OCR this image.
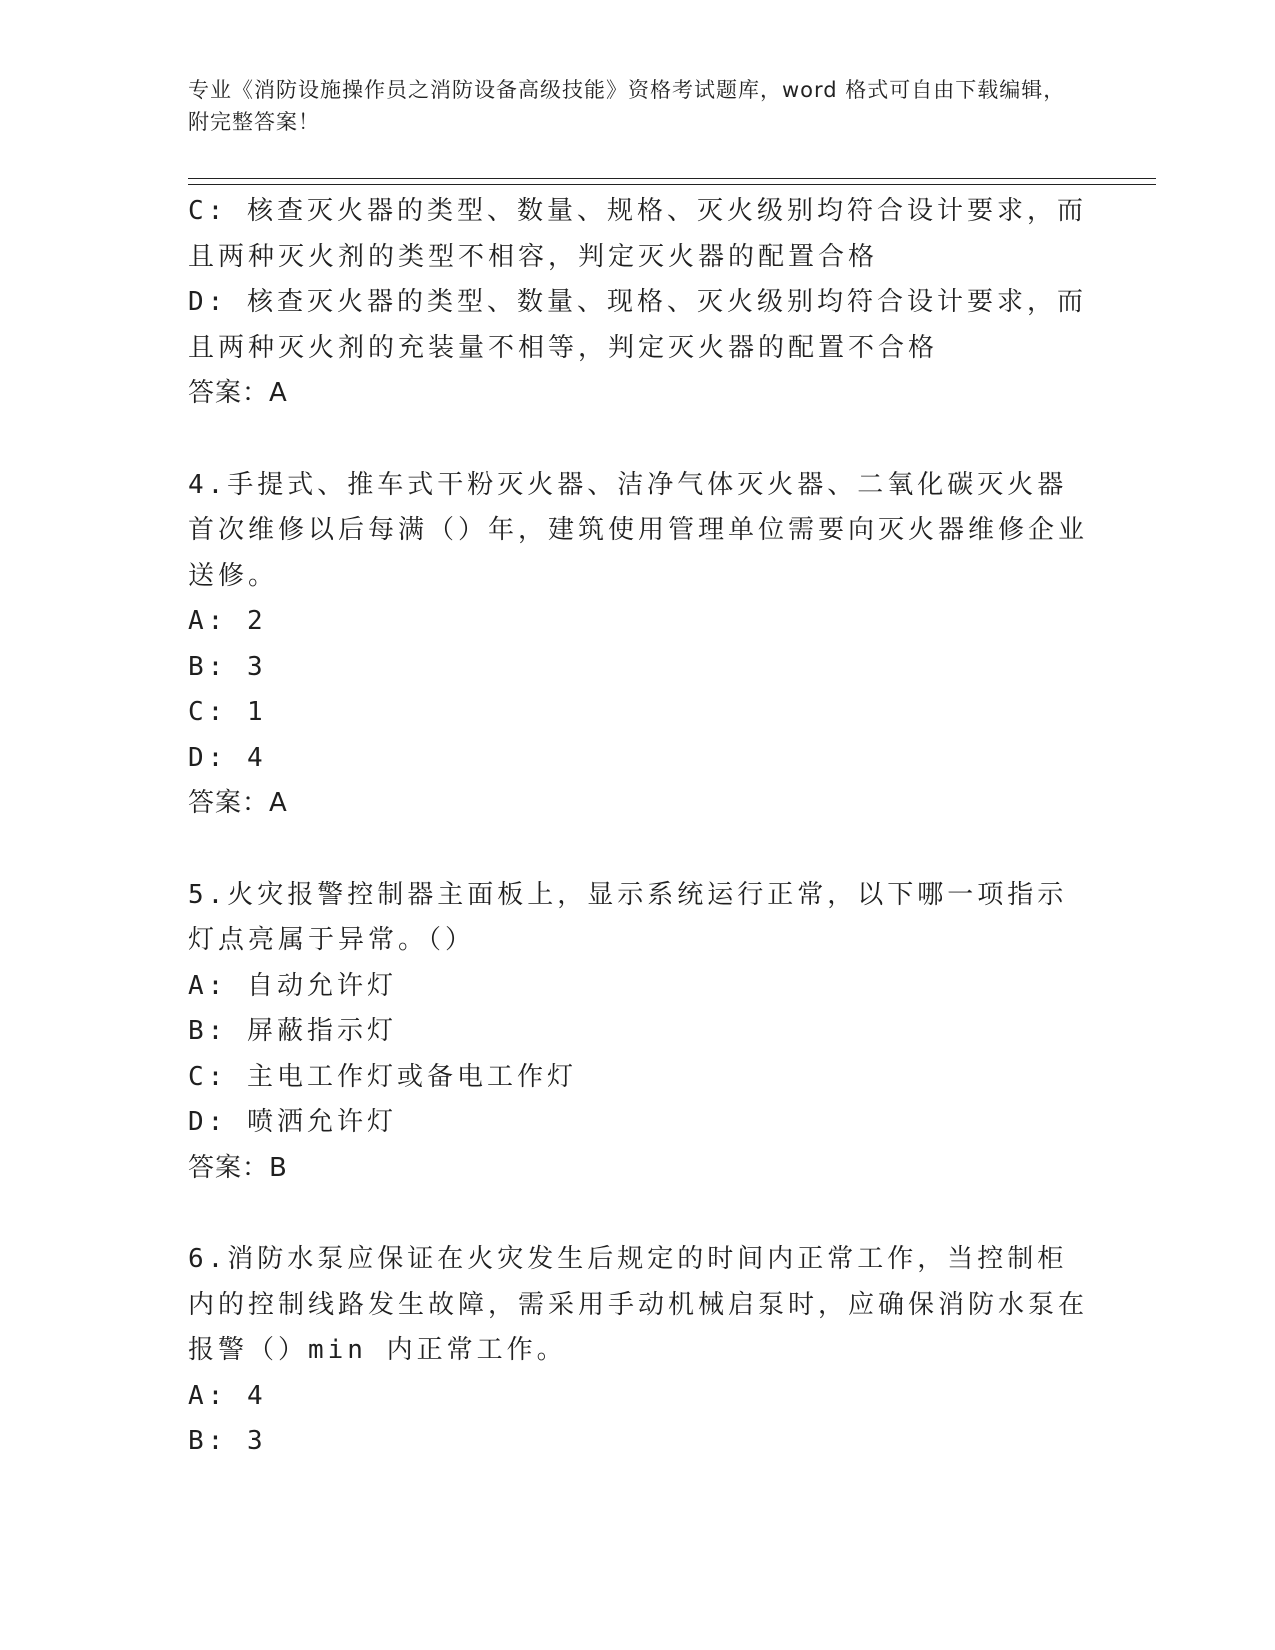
专业《消防设施操作员之消防设备高级技能》资格考试题库，word 格式可自由下载编辑，附完整答案！
C: 核查灭火器的类型、数量、规格、灭火级别均符合设计要求，而且两种灭火剂的类型不相容，判定灭火器的配置合格
D: 核查灭火器的类型、数量、现格、灭火级别均符合设计要求，而且两种灭火剂的充装量不相等，判定灭火器的配置不合格
答案：A
4.手提式、推车式干粉灭火器、洁净气体灭火器、二氧化碳灭火器首次维修以后每满（）年，建筑使用管理单位需要向灭火器维修企业送修。
A: 2
B: 3
C: 1
D: 4
答案：A
5.火灾报警控制器主面板上，显示系统运行正常，以下哪一项指示灯点亮属于异常。（）
A: 自动允许灯
B: 屏蔽指示灯
C: 主电工作灯或备电工作灯
D: 喷洒允许灯
答案：B
6.消防水泵应保证在火灾发生后规定的时间内正常工作，当控制柜内的控制线路发生故障，需采用手动机械启泵时，应确保消防水泵在报警（）min 内正常工作。
A: 4
B: 3
